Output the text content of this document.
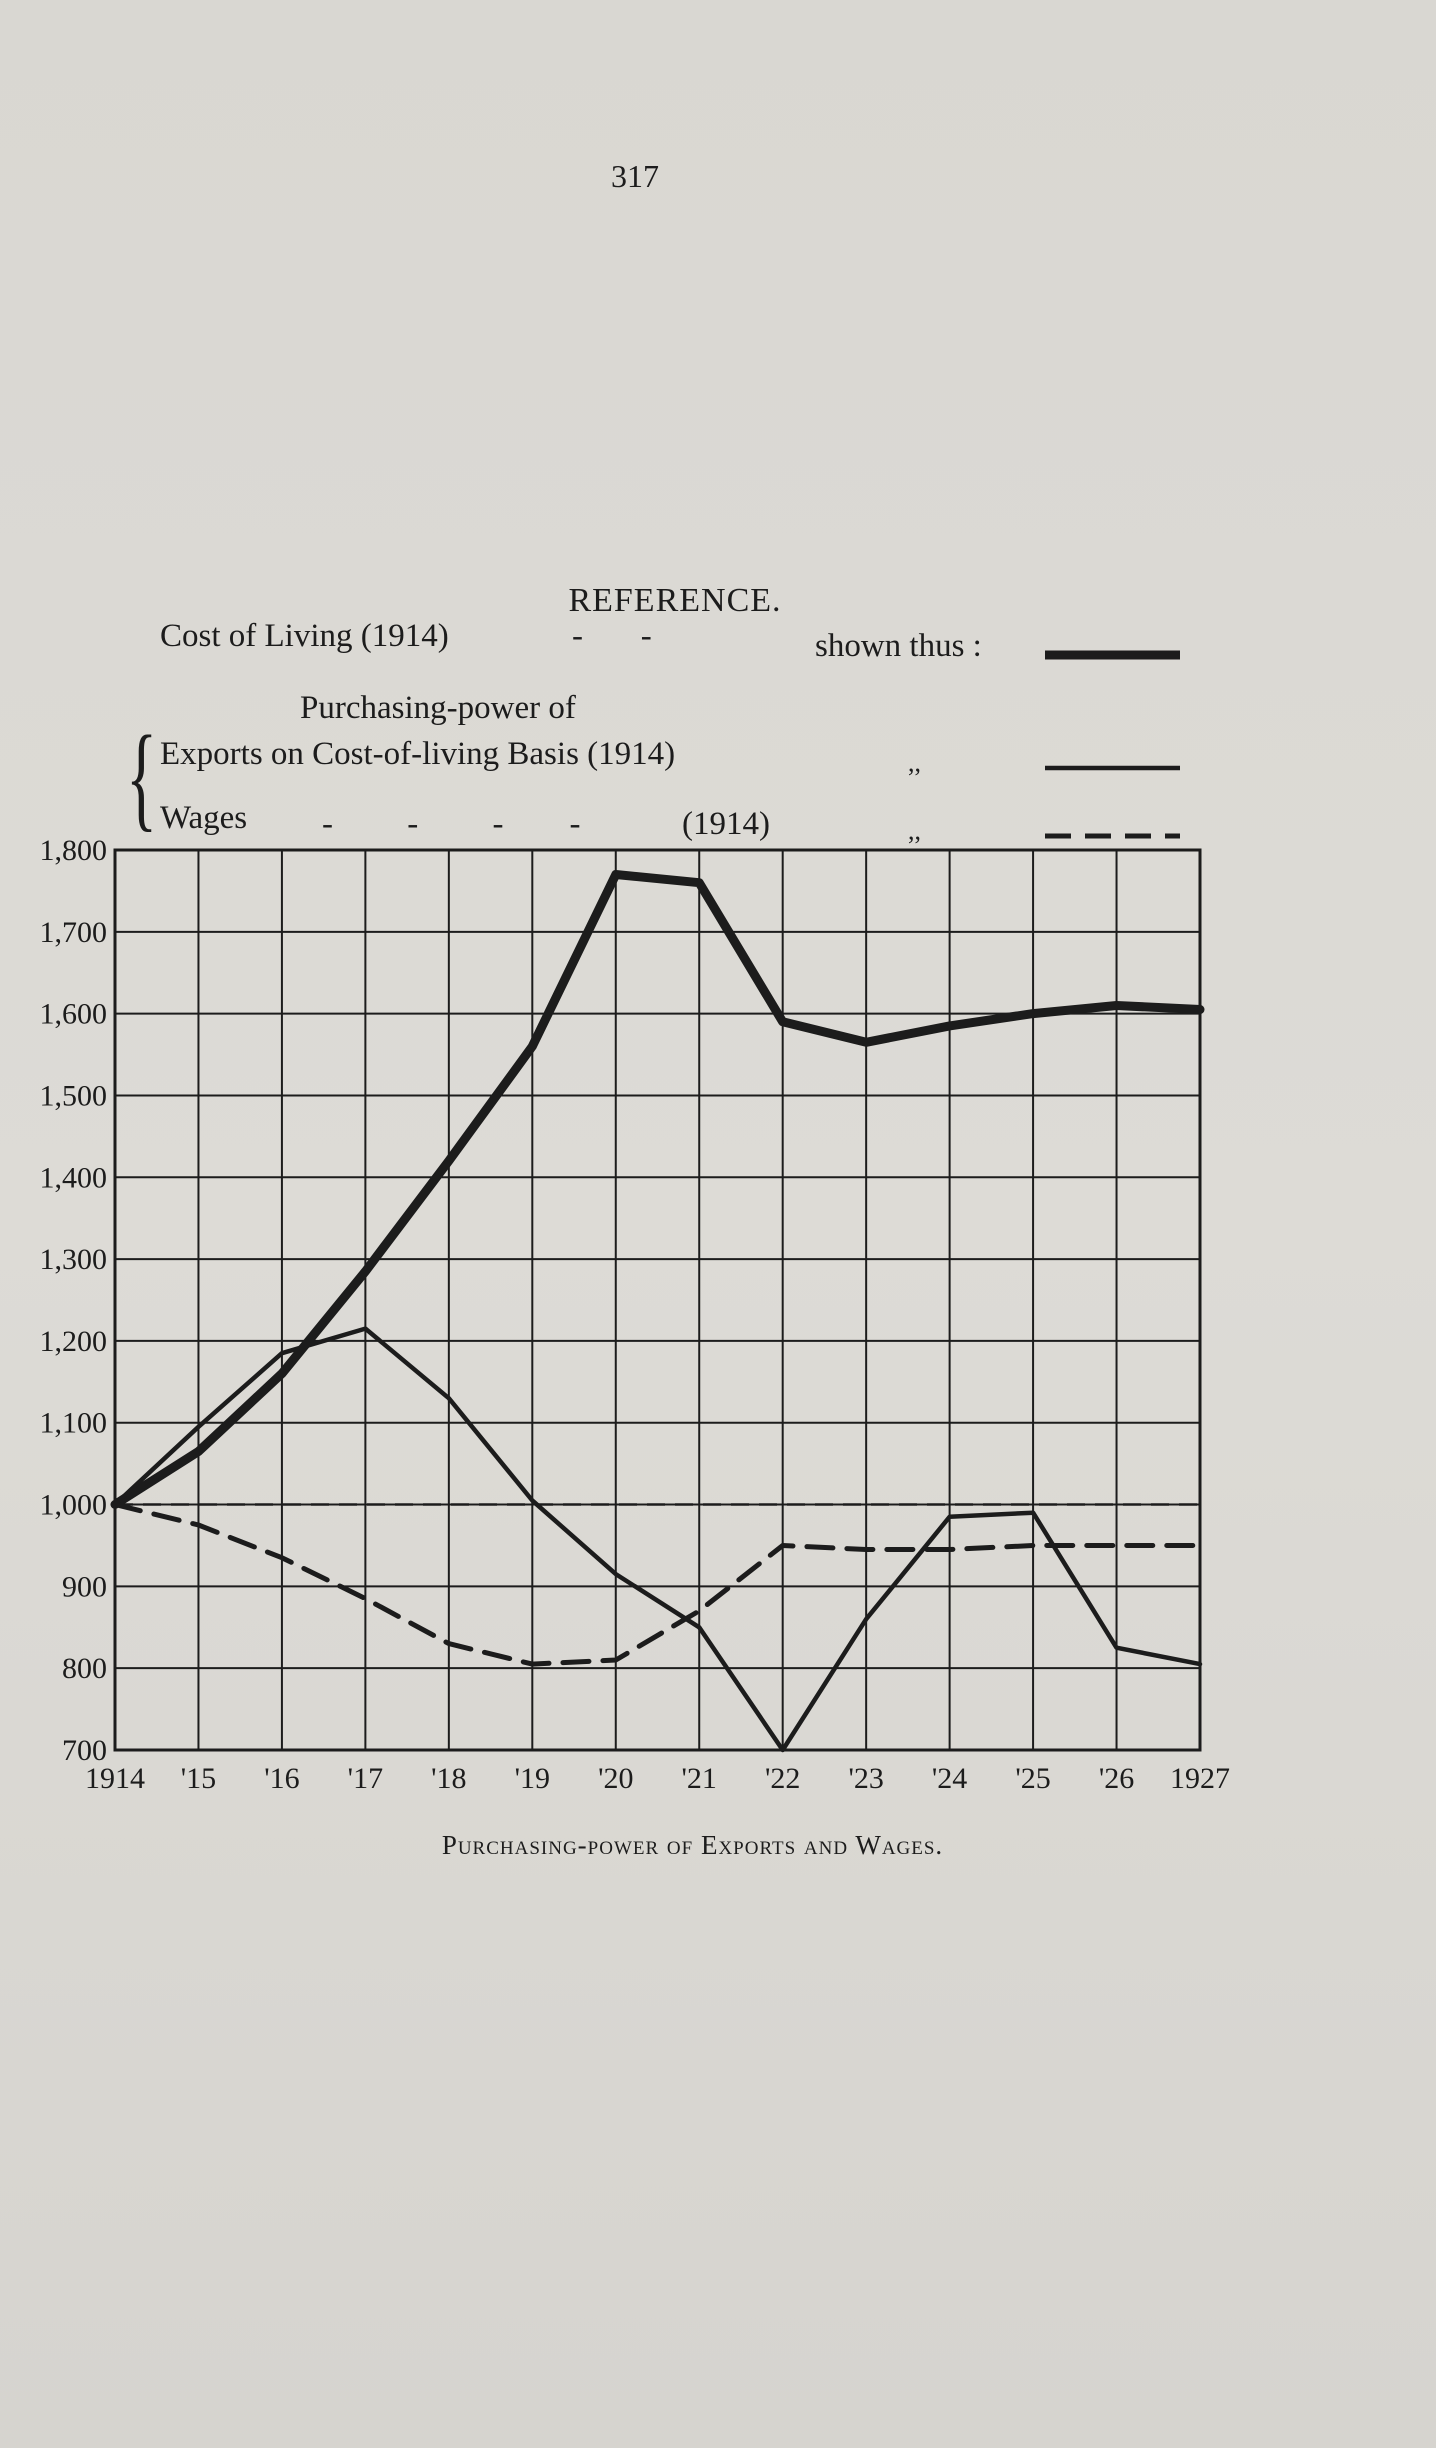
317
REFERENCE.
Cost of Living (1914)	-       -	shown thus :
Purchasing-power of
{ Exports on Cost-of-living Basis (1914)	,,
Wages -         -         -        -	(1914)	,,
1,800
1,700
1,600
1,500
1,400
1,300
1,200
1,100
1,000
900
800
700
1914 '15 '16 '17 '18 '19 '20 '21 '22 '23 '24 '25 '26 1927
Purchasing-power of Exports and Wages.
